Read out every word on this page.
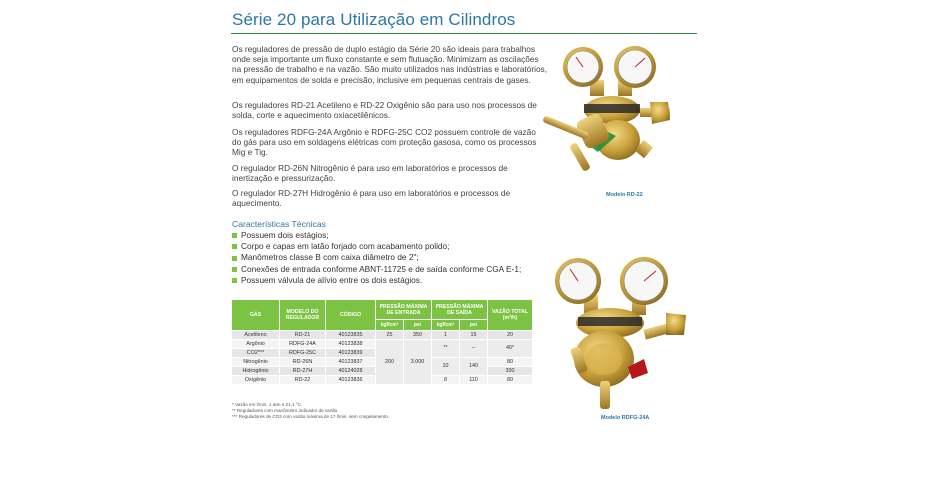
Série 20 para Utilização em Cilindros

Os reguladores de pressão de duplo estágio da Série 20 são ideais para trabalhos onde seja importante um fluxo constante e sem flutuação. Minimizam as oscilações na pressão de trabalho e na vazão. São muito utilizados nas indústrias e laboratórios, em equipamentos de solda e precisão, inclusive em pequenas centrais de gases.

Os reguladores RD-21 Acetileno e RD-22 Oxigênio são para uso nos processos de solda, corte e aquecimento oxiacetilênicos.

Os reguladores RDFG-24A Argônio e RDFG-25C CO2 possuem controle de vazão do gás para uso em soldagens elétricas com proteção gasosa, como os processos Mig e Tig.

O regulador RD-26N Nitrogênio é para uso em laboratórios e processos de inertização e pressurização.

O regulador RD-27H Hidrogênio é para uso em laboratórios e processos de aquecimento.

Características Técnicas
Possuem dois estágios;
Corpo e capas em latão forjado com acabamento polido;
Manômetros classe B com caixa diâmetro de 2";
Conexões de entrada conforme ABNT-11725 e de saída conforme CGA E-1;
Possuem válvula de alívio entre os dois estágios.
GÁS	MODELO DO REGULADOR	CÓDIGO	PRESSÃO MÁXIMA DE ENTRADA		PRESSÃO MÁXIMA DE SAÍDA		VAZÃO TOTAL (m³/h)
			kgf/cm²	psi	kgf/cm²	psi	
Acetileno	RD-21	40123835	25	350	1	15	20
Argônio	RDFG-24A	40123838	200	3.000	**	--	40*
CO2***	RDFG-25C	40123839					
Nitrogênio	RD-26N	40123837			10	140	80
Hidrogênio	RD-27H	40124028					300
Oxigênio	RD-22	40123836			8	110	80
* Vazão em l/min. 1 atm e 21,1 °C.
** Reguladores com manômetro indicador de vazão.
*** Reguladores de CO2 com vazão máxima de 17 l/min. sem congelamento.
Modelo RD-22
Modelo RDFG-24A
